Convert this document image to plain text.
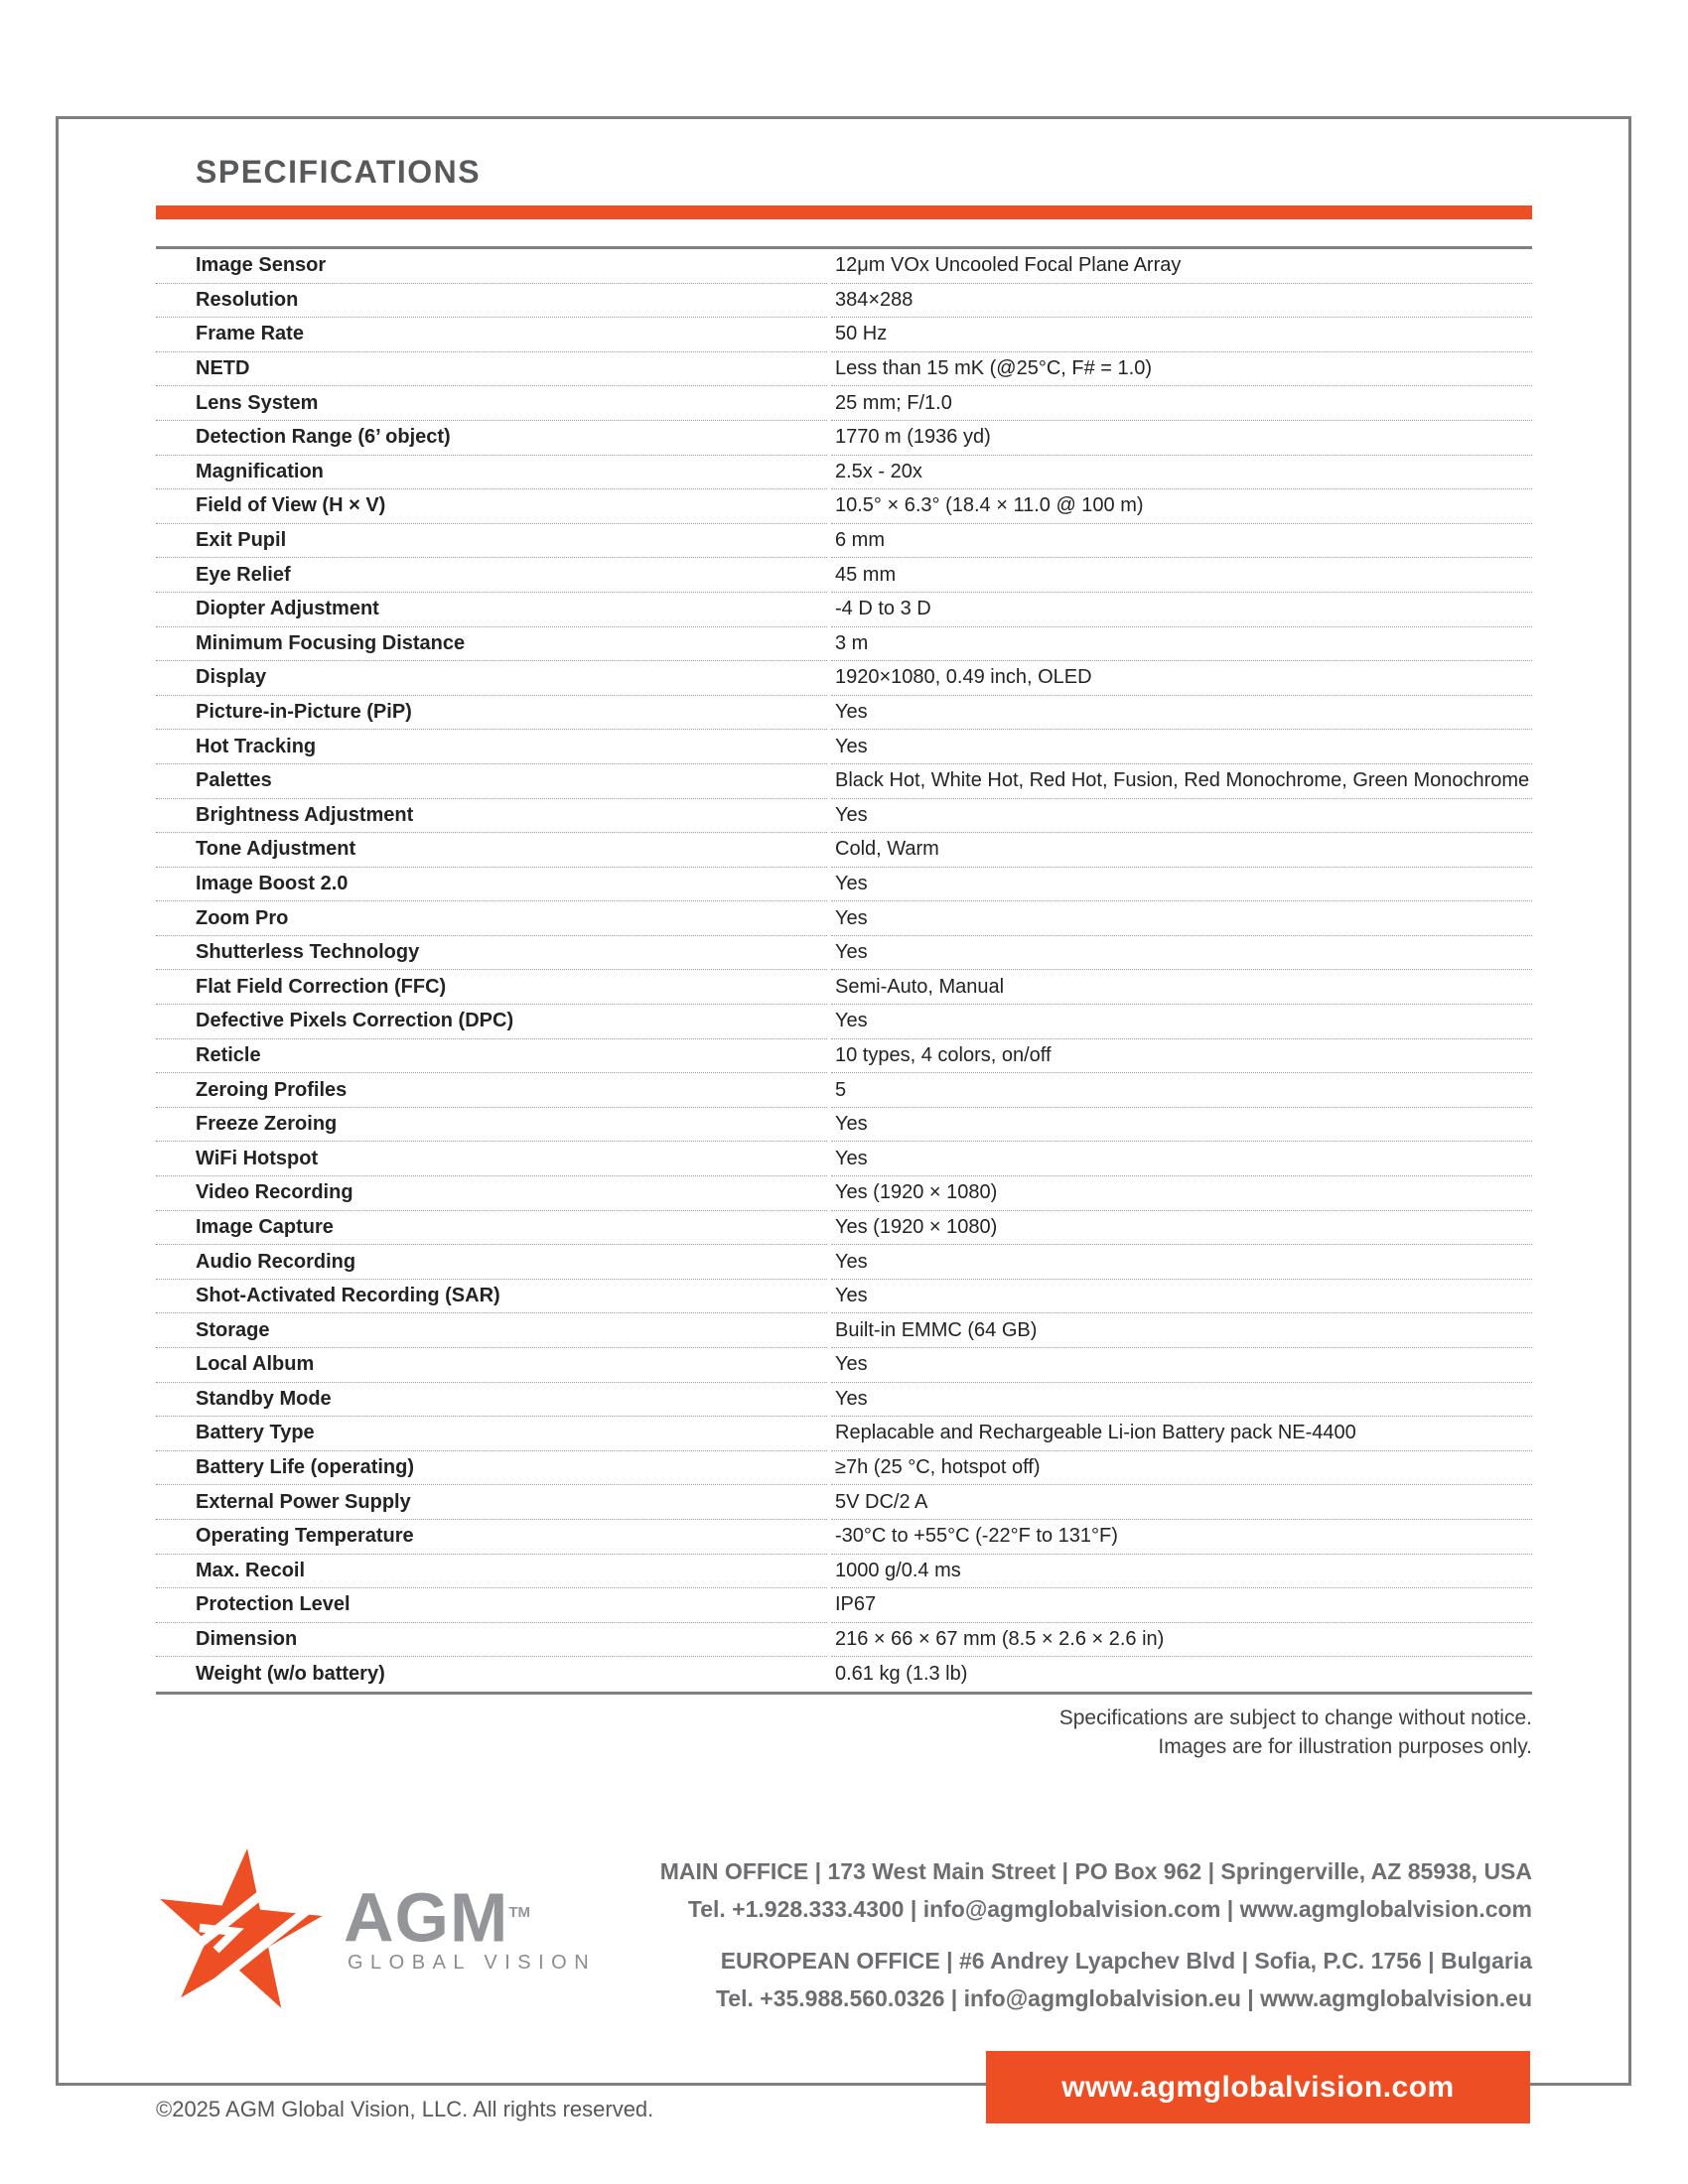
SPECIFICATIONS
Image Sensor	12μm VOx Uncooled Focal Plane Array
Resolution	384×288
Frame Rate	50 Hz
NETD	Less than 15 mK (@25°C, F# = 1.0)
Lens System	25 mm; F/1.0
Detection Range (6’ object)	1770 m (1936 yd)
Magnification	2.5x - 20x
Field of View (H × V)	10.5° × 6.3° (18.4 × 11.0 @ 100 m)
Exit Pupil	6 mm
Eye Relief	45 mm
Diopter Adjustment	-4 D to 3 D
Minimum Focusing Distance	3 m
Display	1920×1080, 0.49 inch, OLED
Picture-in-Picture (PiP)	Yes
Hot Tracking	Yes
Palettes	Black Hot, White Hot, Red Hot, Fusion, Red Monochrome, Green Monochrome
Brightness Adjustment	Yes
Tone Adjustment	Cold, Warm
Image Boost 2.0	Yes
Zoom Pro	Yes
Shutterless Technology	Yes
Flat Field Correction (FFC)	Semi-Auto, Manual
Defective Pixels Correction (DPC)	Yes
Reticle	10 types, 4 colors, on/off
Zeroing Profiles	5
Freeze Zeroing	Yes
WiFi Hotspot	Yes
Video Recording	Yes (1920 × 1080)
Image Capture	Yes (1920 × 1080)
Audio Recording	Yes
Shot-Activated Recording (SAR)	Yes
Storage	Built-in EMMC (64 GB)
Local Album	Yes
Standby Mode	Yes
Battery Type	Replacable and Rechargeable Li-ion Battery pack NE-4400
Battery Life (operating)	≥7h (25 °C, hotspot off)
External Power Supply	5V DC/2 A
Operating Temperature	-30°C to +55°C (-22°F to 131°F)
Max. Recoil	1000 g/0.4 ms
Protection Level	IP67
Dimension	216 × 66 × 67 mm (8.5 × 2.6 × 2.6 in)
Weight (w/o battery)	0.61 kg (1.3 lb)
Specifications are subject to change without notice.
Images are for illustration purposes only.
AGM™
GLOBAL VISION
MAIN OFFICE | 173 West Main Street | PO Box 962 | Springerville, AZ 85938, USA
Tel. +1.928.333.4300 | info@agmglobalvision.com | www.agmglobalvision.com
EUROPEAN OFFICE | #6 Andrey Lyapchev Blvd | Sofia, P.C. 1756 | Bulgaria
Tel. +35.988.560.0326 | info@agmglobalvision.eu | www.agmglobalvision.eu
www.agmglobalvision.com
©2025 AGM Global Vision, LLC. All rights reserved.
